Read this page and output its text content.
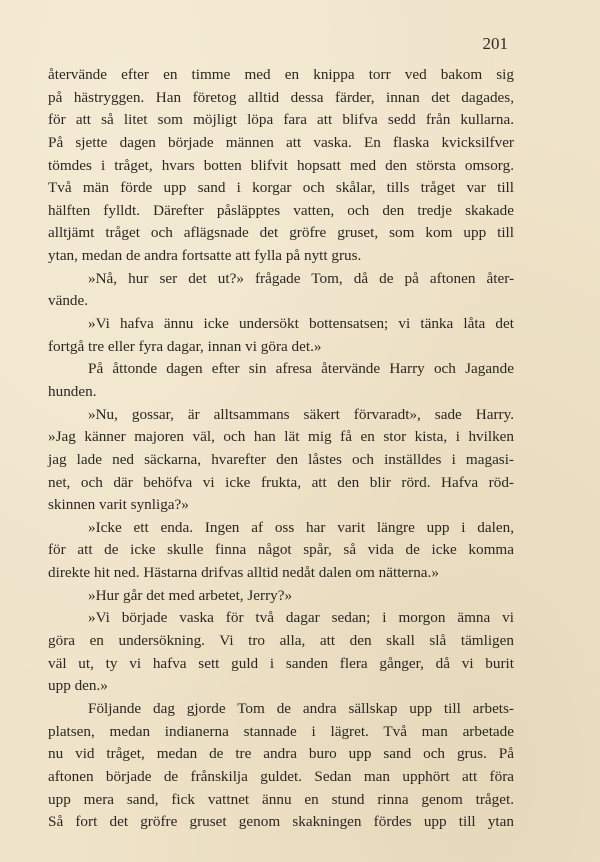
201
återvände efter en timme med en knippa torr ved bakom sig
på hästryggen. Han företog alltid dessa färder, innan det dagades,
för att så litet som möjligt löpa fara att blifva sedd från kullarna.
På sjette dagen började männen att vaska. En flaska kvicksilfver
tömdes i tråget, hvars botten blifvit hopsatt med den största omsorg.
Två män förde upp sand i korgar och skålar, tills tråget var till
hälften fylldt. Därefter påsläpptes vatten, och den tredje skakade
alltjämt tråget och aflägsnade det gröfre gruset, som kom upp till
ytan, medan de andra fortsatte att fylla på nytt grus.
»Nå, hur ser det ut?» frågade Tom, då de på aftonen åter-
vände.
»Vi hafva ännu icke undersökt bottensatsen; vi tänka låta det
fortgå tre eller fyra dagar, innan vi göra det.»
På åttonde dagen efter sin afresa återvände Harry och Jagande
hunden.
»Nu, gossar, är alltsammans säkert förvaradt», sade Harry.
»Jag känner majoren väl, och han lät mig få en stor kista, i hvilken
jag lade ned säckarna, hvarefter den låstes och inställdes i magasi-
net, och där behöfva vi icke frukta, att den blir rörd. Hafva röd-
skinnen varit synliga?»
»Icke ett enda. Ingen af oss har varit längre upp i dalen,
för att de icke skulle finna något spår, så vida de icke komma
direkte hit ned. Hästarna drifvas alltid nedåt dalen om nätterna.»
»Hur går det med arbetet, Jerry?»
»Vi började vaska för två dagar sedan; i morgon ämna vi
göra en undersökning. Vi tro alla, att den skall slå tämligen
väl ut, ty vi hafva sett guld i sanden flera gånger, då vi burit
upp den.»
Följande dag gjorde Tom de andra sällskap upp till arbets-
platsen, medan indianerna stannade i lägret. Två man arbetade
nu vid tråget, medan de tre andra buro upp sand och grus. På
aftonen började de frånskilja guldet. Sedan man upphört att föra
upp mera sand, fick vattnet ännu en stund rinna genom tråget.
Så fort det gröfre gruset genom skakningen fördes upp till ytan
